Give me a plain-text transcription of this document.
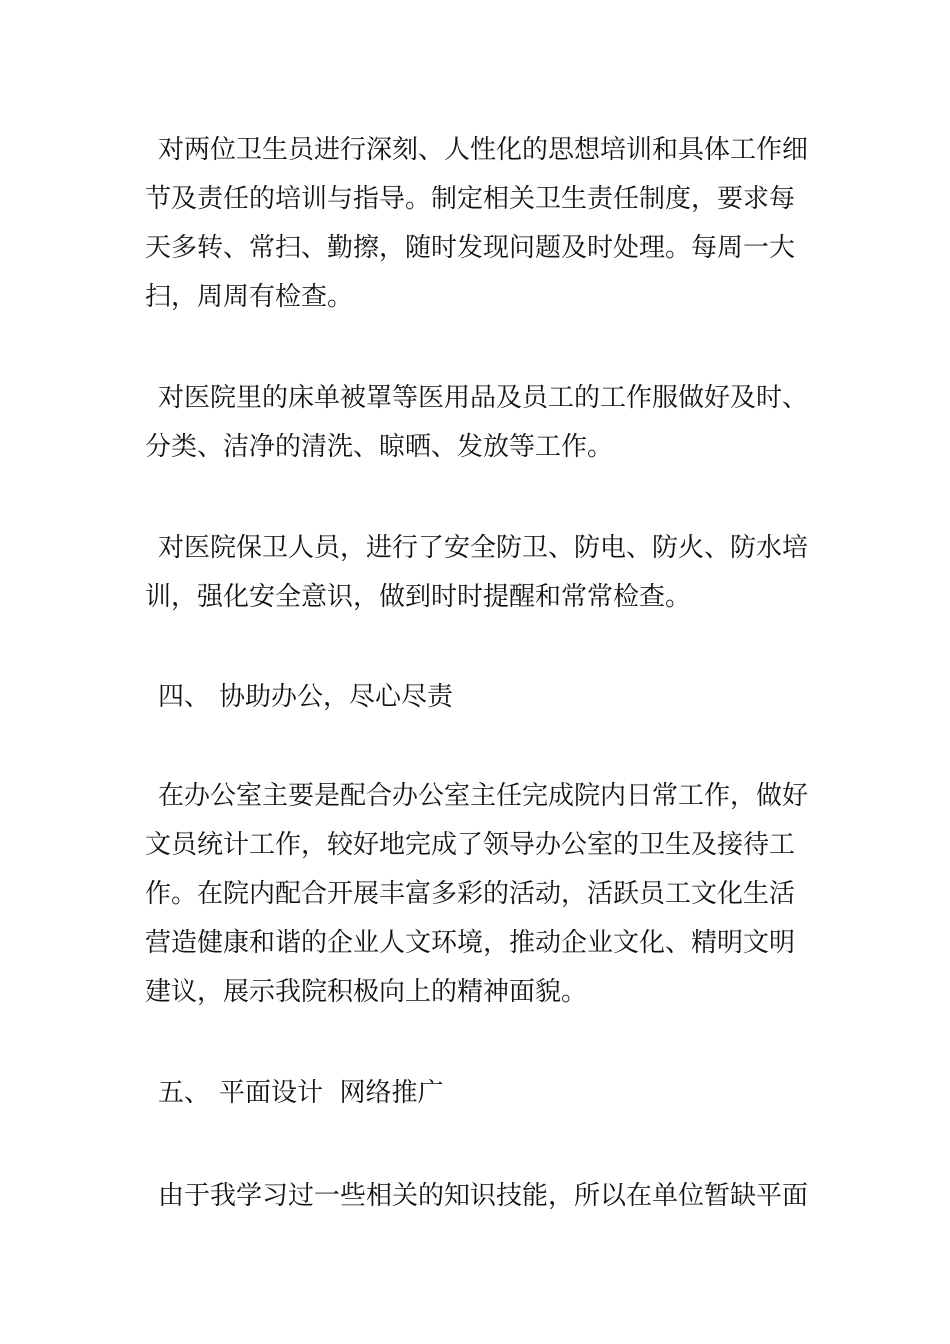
对两位卫生员进行深刻、人性化的思想培训和具体工作细
节及责任的培训与指导。制定相关卫生责任制度，要求每
天多转、常扫、勤擦，随时发现问题及时处理。每周一大
扫，周周有检查。
对医院里的床单被罩等医用品及员工的工作服做好及时、
分类、洁净的清洗、晾晒、发放等工作。
对医院保卫人员，进行了安全防卫、防电、防火、防水培
训，强化安全意识，做到时时提醒和常常检查。
四、 协助办公，尽心尽责
在办公室主要是配合办公室主任完成院内日常工作，做好
文员统计工作，较好地完成了领导办公室的卫生及接待工
作。在院内配合开展丰富多彩的活动，活跃员工文化生活
营造健康和谐的企业人文环境，推动企业文化、精明文明
建议，展示我院积极向上的精神面貌。
五、 平面设计  网络推广
由于我学习过一些相关的知识技能，所以在单位暂缺平面
